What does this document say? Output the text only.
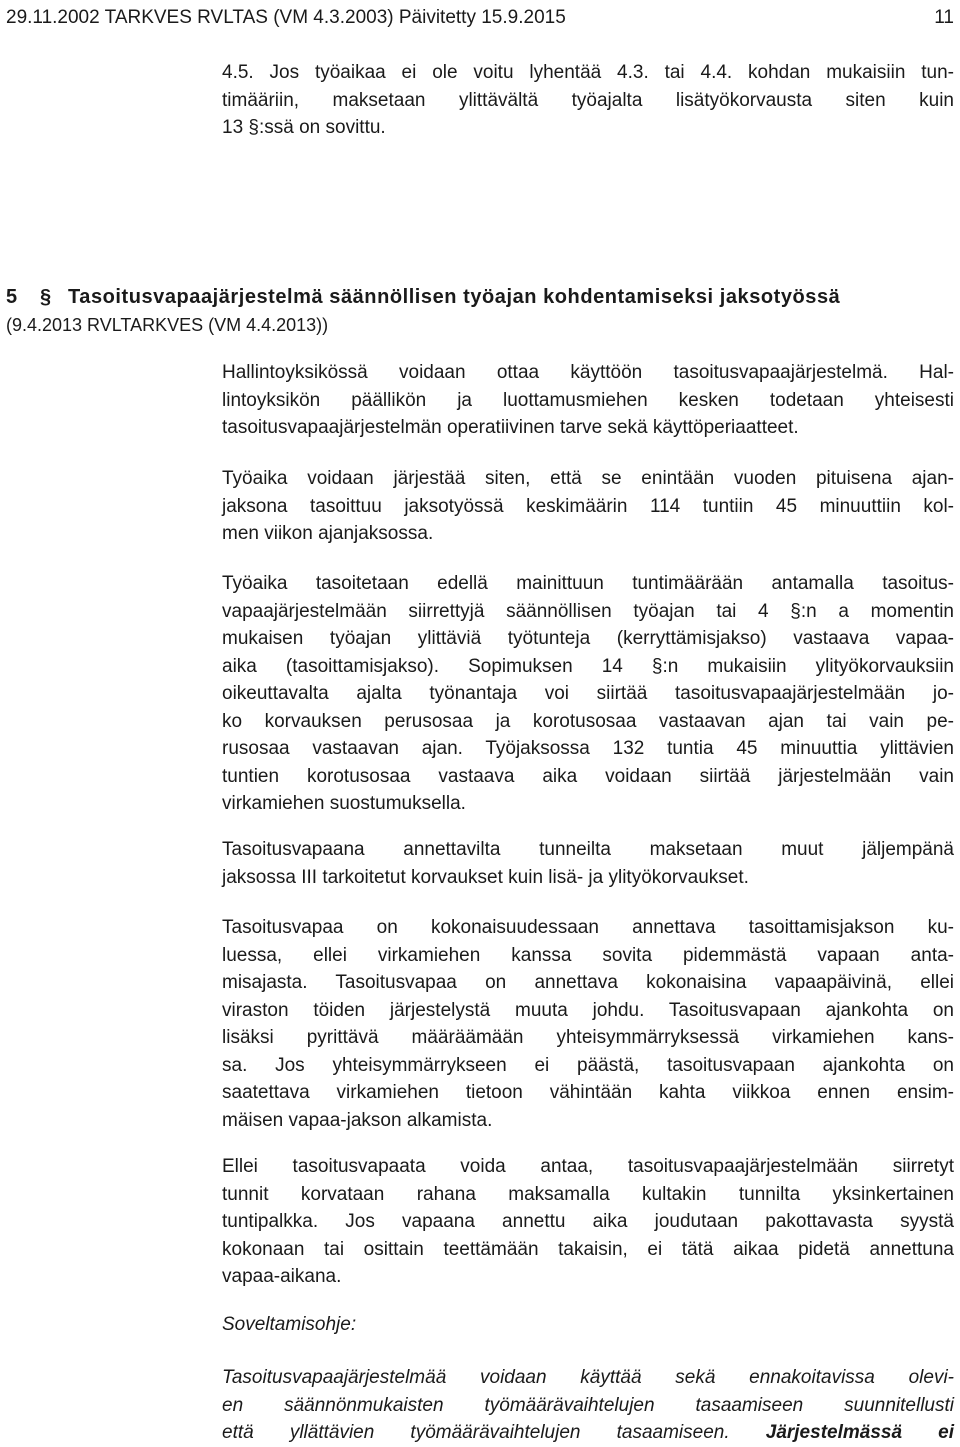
29.11.2002 TARKVES RVLTAS (VM 4.3.2003) Päivitetty 15.9.2015	11
4.5. Jos työaikaa ei ole voitu lyhentää 4.3. tai 4.4. kohdan mukaisiin tun-
timääriin, maksetaan ylittävältä työajalta lisätyökorvausta siten kuin
13 §:ssä on sovittu.
5 § Tasoitusvapaajärjestelmä säännöllisen työajan kohdentamiseksi jaksotyössä
(9.4.2013 RVLTARKVES (VM 4.4.2013))
Hallintoyksikössä voidaan ottaa käyttöön tasoitusvapaajärjestelmä. Hal-
lintoyksikön päällikön ja luottamusmiehen kesken todetaan yhteisesti
tasoitusvapaajärjestelmän operatiivinen tarve sekä käyttöperiaatteet.
Työaika voidaan järjestää siten, että se enintään vuoden pituisena ajan-
jaksona tasoittuu jaksotyössä keskimäärin 114 tuntiin 45 minuuttiin kol-
men viikon ajanjaksossa.
Työaika tasoitetaan edellä mainittuun tuntimäärään antamalla tasoitus-
vapaajärjestelmään siirrettyjä säännöllisen työajan tai 4 §:n a momentin
mukaisen työajan ylittäviä työtunteja (kerryttämisjakso) vastaava vapaa-
aika (tasoittamisjakso). Sopimuksen 14 §:n mukaisiin ylityökorvauksiin
oikeuttavalta ajalta työnantaja voi siirtää tasoitusvapaajärjestelmään jo-
ko korvauksen perusosaa ja korotusosaa vastaavan ajan tai vain pe-
rusosaa vastaavan ajan. Työjaksossa 132 tuntia 45 minuuttia ylittävien
tuntien korotusosaa vastaava aika voidaan siirtää järjestelmään vain
virkamiehen suostumuksella.
Tasoitusvapaana annettavilta tunneilta maksetaan muut jäljempänä
jaksossa III tarkoitetut korvaukset kuin lisä- ja ylityökorvaukset.
Tasoitusvapaa on kokonaisuudessaan annettava tasoittamisjakson ku-
luessa, ellei virkamiehen kanssa sovita pidemmästä vapaan anta-
misajasta. Tasoitusvapaa on annettava kokonaisina vapaapäivinä, ellei
viraston töiden järjestelystä muuta johdu. Tasoitusvapaan ajankohta on
lisäksi pyrittävä määräämään yhteisymmärryksessä virkamiehen kans-
sa. Jos yhteisymmärrykseen ei päästä, tasoitusvapaan ajankohta on
saatettava virkamiehen tietoon vähintään kahta viikkoa ennen ensim-
mäisen vapaa-jakson alkamista.
Ellei tasoitusvapaata voida antaa, tasoitusvapaajärjestelmään siirretyt
tunnit korvataan rahana maksamalla kultakin tunnilta yksinkertainen
tuntipalkka. Jos vapaana annettu aika joudutaan pakottavasta syystä
kokonaan tai osittain teettämään takaisin, ei tätä aikaa pidetä annettuna
vapaa-aikana.
Soveltamisohje:
Tasoitusvapaajärjestelmää voidaan käyttää sekä ennakoitavissa olevi-
en säännönmukaisten työmäärävaihtelujen tasaamiseen suunnitellusti
että yllättävien työmäärävaihtelujen tasaamiseen. Järjestelmässä ei
